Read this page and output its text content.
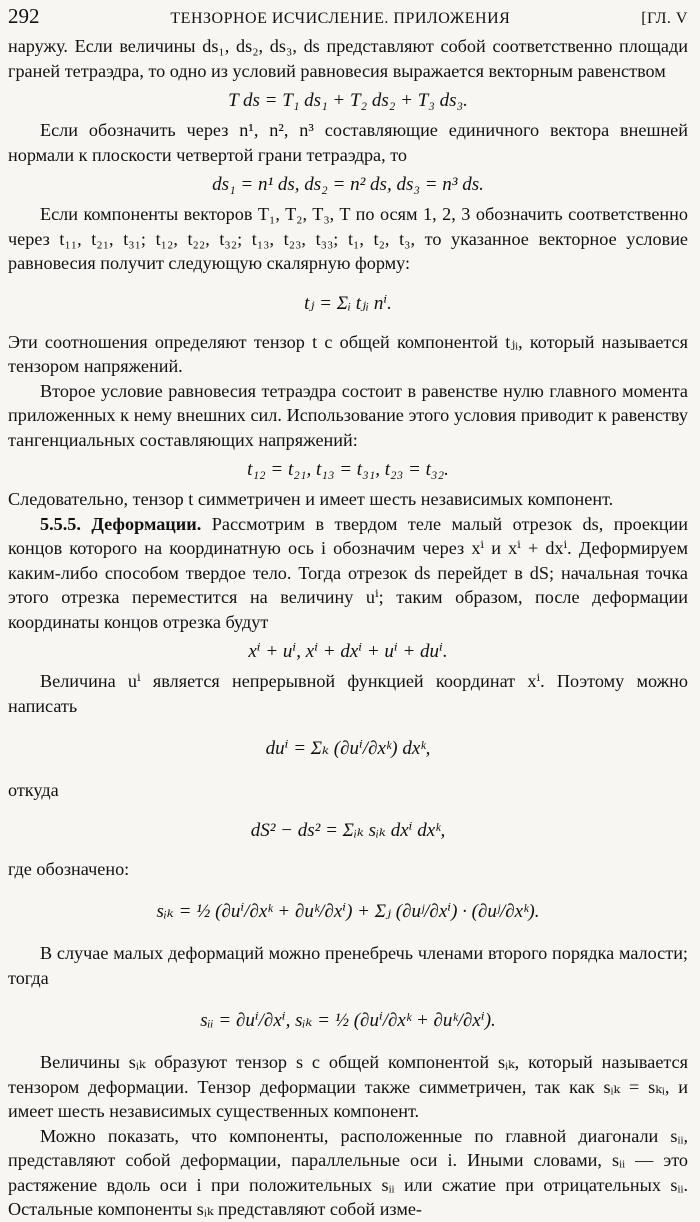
292	ТЕНЗОРНОЕ ИСЧИСЛЕНИЕ. ПРИЛОЖЕНИЯ	[ГЛ. V

наружу. Если величины ds₁, ds₂, ds₃, ds представляют собой соответственно площади граней тетраэдра, то одно из условий равновесия выражается векторным равенством

T ds = T₁ ds₁ + T₂ ds₂ + T₃ ds₃.

Если обозначить через n¹, n², n³ составляющие единичного вектора внешней нормали к плоскости четвертой грани тетраэдра, то

ds₁ = n¹ ds, ds₂ = n² ds, ds₃ = n³ ds.

Если компоненты векторов T₁, T₂, T₃, T по осям 1, 2, 3 обозначить соответственно через t₁₁, t₂₁, t₃₁; t₁₂, t₂₂, t₃₂; t₁₃, t₂₃, t₃₃; t₁, t₂, t₃, то указанное векторное условие равновесия получит следующую скалярную форму:

tⱼ = Σᵢ tⱼᵢ nⁱ.

Эти соотношения определяют тензор t с общей компонентой tⱼᵢ, который называется тензором напряжений.

Второе условие равновесия тетраэдра состоит в равенстве нулю главного момента приложенных к нему внешних сил. Использование этого условия приводит к равенству тангенциальных составляющих напряжений:

t₁₂ = t₂₁, t₁₃ = t₃₁, t₂₃ = t₃₂.

Следовательно, тензор t симметричен и имеет шесть независимых компонент.

5.5.5. Деформации. Рассмотрим в твердом теле малый отрезок ds, проекции концов которого на координатную ось i обозначим через xⁱ и xⁱ + dxⁱ. Деформируем каким-либо способом твердое тело. Тогда отрезок ds перейдет в dS; начальная точка этого отрезка переместится на величину uⁱ; таким образом, после деформации координаты концов отрезка будут

xⁱ + uⁱ, xⁱ + dxⁱ + uⁱ + duⁱ.

Величина uⁱ является непрерывной функцией координат xⁱ. Поэтому можно написать

duⁱ = Σₖ (∂uⁱ/∂xᵏ) dxᵏ,

откуда

dS² − ds² = Σᵢₖ sᵢₖ dxⁱ dxᵏ,

где обозначено:

sᵢₖ = ½ (∂uⁱ/∂xᵏ + ∂uᵏ/∂xⁱ) + Σⱼ (∂uʲ/∂xⁱ) · (∂uʲ/∂xᵏ).

В случае малых деформаций можно пренебречь членами второго порядка малости; тогда

sᵢᵢ = ∂uⁱ/∂xⁱ, sᵢₖ = ½ (∂uⁱ/∂xᵏ + ∂uᵏ/∂xⁱ).

Величины sᵢₖ образуют тензор s с общей компонентой sᵢₖ, который называется тензором деформации. Тензор деформации также симметричен, так как sᵢₖ = sₖᵢ, и имеет шесть независимых существенных компонент.

Можно показать, что компоненты, расположенные по главной диагонали sᵢᵢ, представляют собой деформации, параллельные оси i. Иными словами, sᵢᵢ — это растяжение вдоль оси i при положительных sᵢᵢ или сжатие при отрицательных sᵢᵢ. Остальные компоненты sᵢₖ представляют собой изме-
